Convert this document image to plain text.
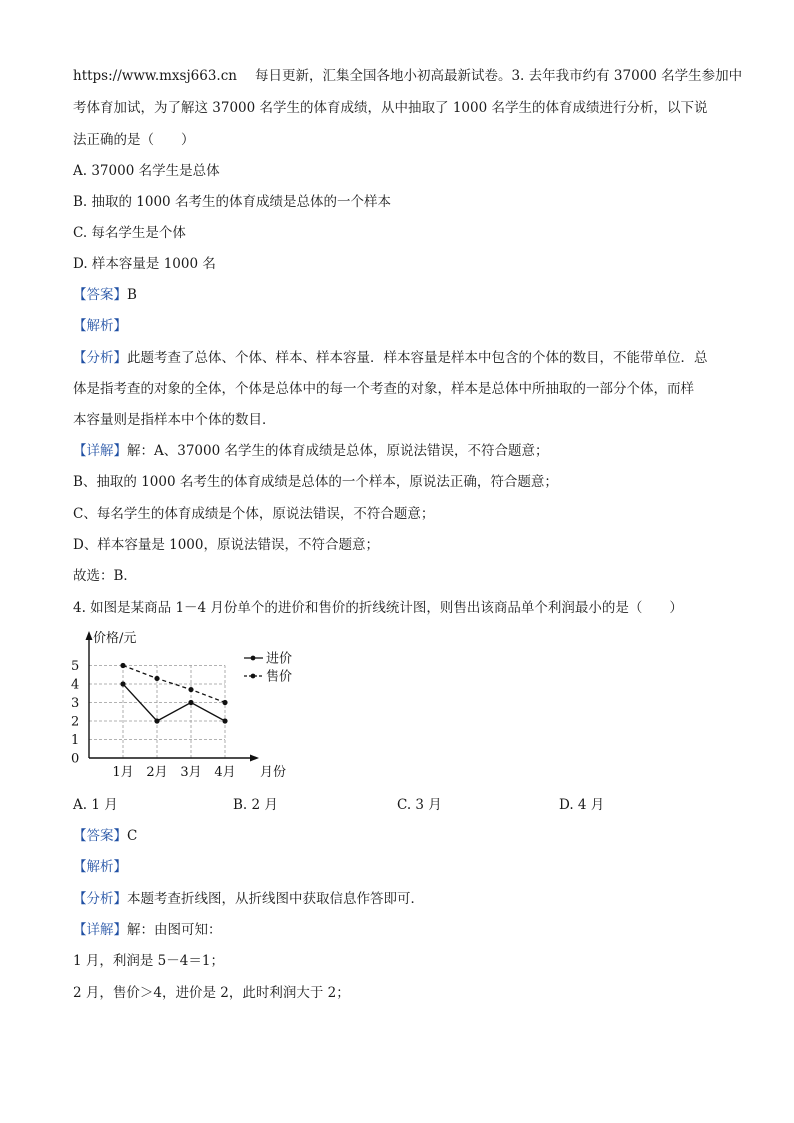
https://www.mxsj663.cn 每日更新，汇集全国各地小初高最新试卷。3. 去年我市约有 37000 名学生参加中
考体育加试，为了解这 37000 名学生的体育成绩，从中抽取了 1000 名学生的体育成绩进行分析，以下说
法正确的是（　　）
A. 37000 名学生是总体
B. 抽取的 1000 名考生的体育成绩是总体的一个样本
C. 每名学生是个体
D. 样本容量是 1000 名
【答案】B
【解析】
【分析】此题考查了总体、个体、样本、样本容量．样本容量是样本中包含的个体的数目，不能带单位．总
体是指考查的对象的全体，个体是总体中的每一个考查的对象，样本是总体中所抽取的一部分个体，而样
本容量则是指样本中个体的数目．
【详解】解：A、37000 名学生的体育成绩是总体，原说法错误，不符合题意；
B、抽取的 1000 名考生的体育成绩是总体的一个样本，原说法正确，符合题意；
C、每名学生的体育成绩是个体，原说法错误，不符合题意；
D、样本容量是 1000，原说法错误，不符合题意；
故选：B．
4. 如图是某商品 1－4 月份单个的进价和售价的折线统计图，则售出该商品单个利润最小的是（　　）
0
1
2
3
4
5
1月 2月 3月 4月
价格/元
月份
进价
售价
A. 1 月	B. 2 月	C. 3 月	D. 4 月
【答案】C
【解析】
【分析】本题考查折线图，从折线图中获取信息作答即可．
【详解】解：由图可知：
1 月，利润是 5－4＝1；
2 月，售价＞4，进价是 2，此时利润大于 2；
